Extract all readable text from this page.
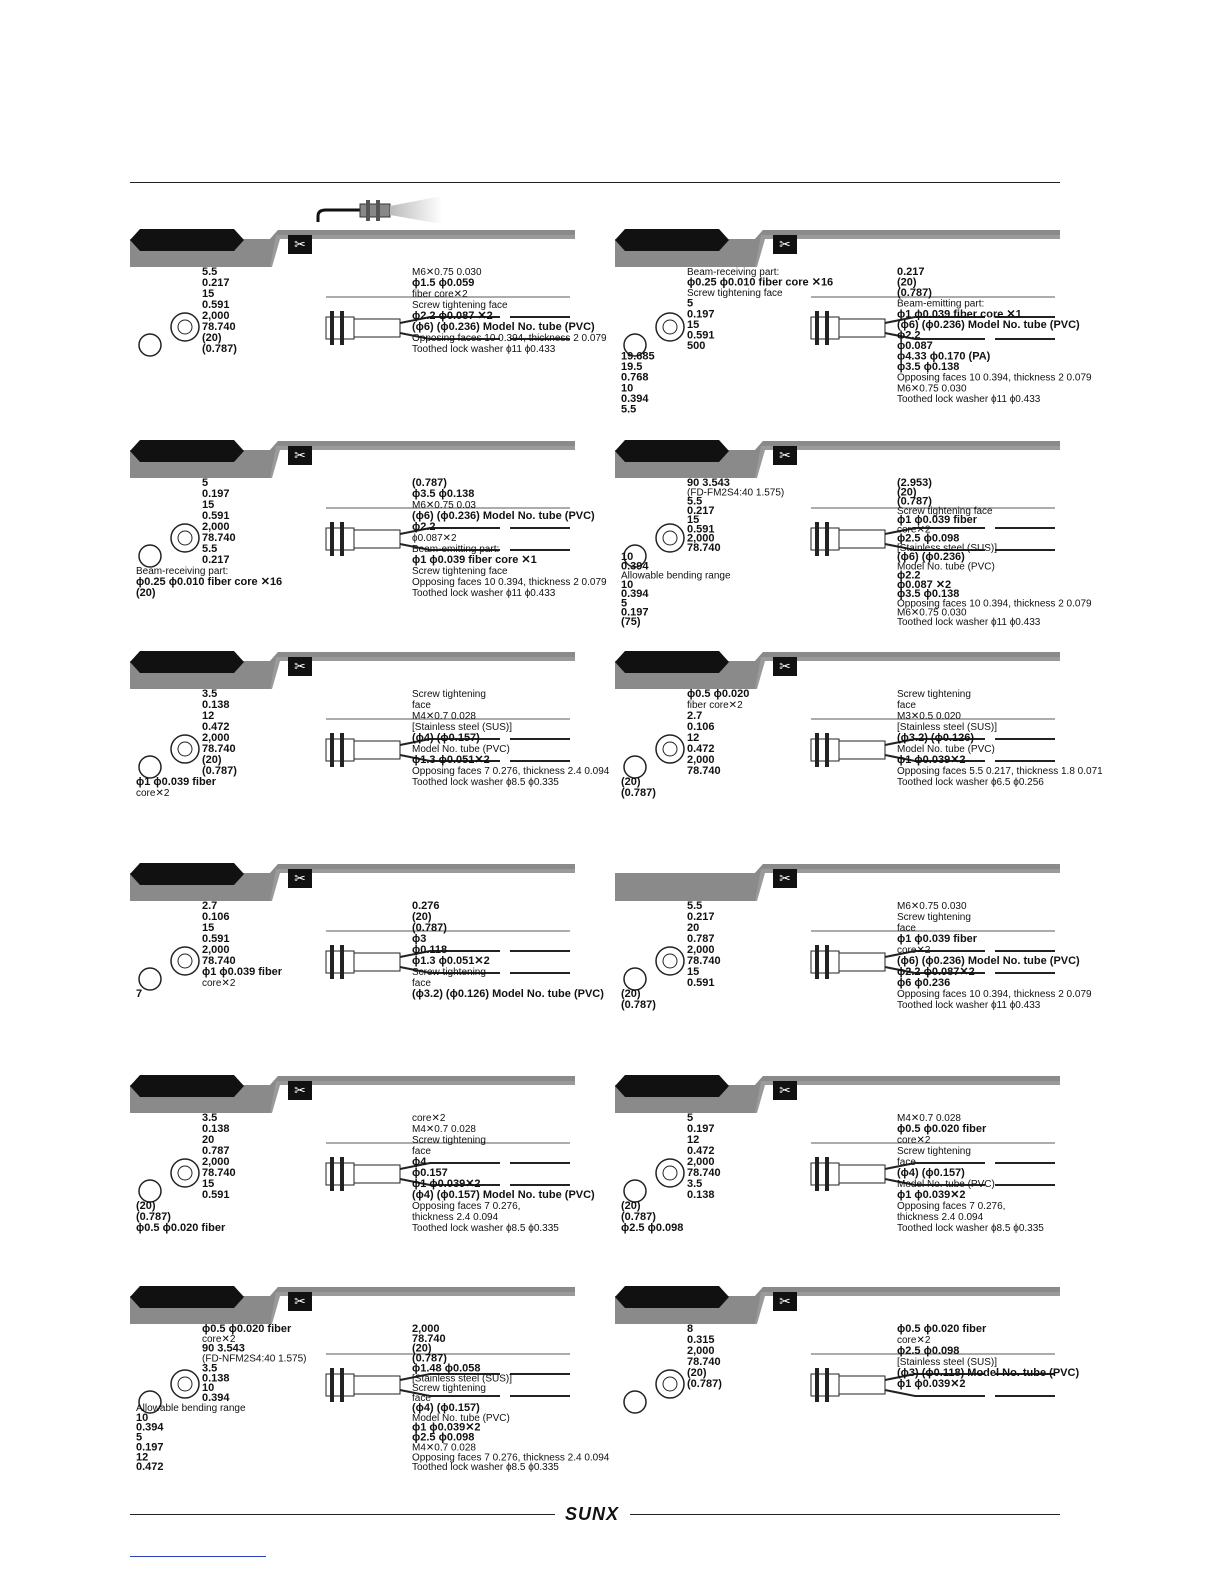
✂
5.5
0.217
15
0.591
2,000
78.740
(20)
(0.787)
M6✕0.75 0.030
ϕ1.5 ϕ0.059
fiber core✕2
Screw tightening face
ϕ2.2 ϕ0.087 ✕2
(ϕ6) (ϕ0.236) Model No. tube (PVC)
Opposing faces 10 0.394, thickness 2 0.079
Toothed lock washer ϕ11 ϕ0.433
✂
Beam-receiving part:
ϕ0.25 ϕ0.010 fiber core ✕16
Screw tightening face
5
0.197
15
0.591
500
19.685
19.5
0.768
10
0.394
5.5
0.217
(20)
(0.787)
Beam-emitting part:
ϕ1 ϕ0.039 fiber core ✕1
(ϕ6) (ϕ0.236) Model No. tube (PVC)
ϕ2.2
ϕ0.087
ϕ4.33 ϕ0.170 (PA)
ϕ3.5 ϕ0.138
Opposing faces 10 0.394, thickness 2 0.079
M6✕0.75 0.030
Toothed lock washer ϕ11 ϕ0.433
✂
5
0.197
15
0.591
2,000
78.740
5.5
0.217
Beam-receiving part:
ϕ0.25 ϕ0.010 fiber core ✕16
(20)
(0.787)
ϕ3.5 ϕ0.138
M6✕0.75 0.03
(ϕ6) (ϕ0.236) Model No. tube (PVC)
ϕ2.2
ϕ0.087✕2
Beam-emitting part:
ϕ1 ϕ0.039 fiber core ✕1
Screw tightening face
Opposing faces 10 0.394, thickness 2 0.079
Toothed lock washer ϕ11 ϕ0.433
✂
90 3.543
(FD-FM2S4:40 1.575)
5.5
0.217
15
0.591
2,000
78.740
10
0.394
Allowable bending range
10
0.394
5
0.197
(75)
(2.953)
(20)
(0.787)
Screw tightening face
ϕ1 ϕ0.039 fiber
core✕2
ϕ2.5 ϕ0.098
[Stainless steel (SUS)]
(ϕ6) (ϕ0.236)
Model No. tube (PVC)
ϕ2.2
ϕ0.087 ✕2
ϕ3.5 ϕ0.138
Opposing faces 10 0.394, thickness 2 0.079
M6✕0.75 0.030
Toothed lock washer ϕ11 ϕ0.433
✂
3.5
0.138
12
0.472
2,000
78.740
(20)
(0.787)
ϕ1 ϕ0.039 fiber
core✕2
Screw tightening
face
M4✕0.7 0.028
[Stainless steel (SUS)]
(ϕ4) (ϕ0.157)
Model No. tube (PVC)
ϕ1.3 ϕ0.051✕2
Opposing faces 7 0.276, thickness 2.4 0.094
Toothed lock washer ϕ8.5 ϕ0.335
✂
ϕ0.5 ϕ0.020
fiber core✕2
2.7
0.106
12
0.472
2,000
78.740
(20)
(0.787)
Screw tightening
face
M3✕0.5 0.020
[Stainless steel (SUS)]
(ϕ3.2) (ϕ0.126)
Model No. tube (PVC)
ϕ1 ϕ0.039✕2
Opposing faces 5.5 0.217, thickness 1.8 0.071
Toothed lock washer ϕ6.5 ϕ0.256
✂
2.7
0.106
15
0.591
2,000
78.740
ϕ1 ϕ0.039 fiber
core✕2
7
0.276
(20)
(0.787)
ϕ3
ϕ0.118
ϕ1.3 ϕ0.051✕2
Screw tightening
face
(ϕ3.2) (ϕ0.126) Model No. tube (PVC)
✂
5.5
0.217
20
0.787
2,000
78.740
15
0.591
(20)
(0.787)
M6✕0.75 0.030
Screw tightening
face
ϕ1 ϕ0.039 fiber
core✕2
(ϕ6) (ϕ0.236) Model No. tube (PVC)
ϕ2.2 ϕ0.087✕2
ϕ6 ϕ0.236
Opposing faces 10 0.394, thickness 2 0.079
Toothed lock washer ϕ11 ϕ0.433
✂
3.5
0.138
20
0.787
2,000
78.740
15
0.591
(20)
(0.787)
ϕ0.5 ϕ0.020 fiber
core✕2
M4✕0.7 0.028
Screw tightening
face
ϕ4
ϕ0.157
ϕ1 ϕ0.039✕2
(ϕ4) (ϕ0.157) Model No. tube (PVC)
Opposing faces 7 0.276,
thickness 2.4 0.094
Toothed lock washer ϕ8.5 ϕ0.335
✂
5
0.197
12
0.472
2,000
78.740
3.5
0.138
(20)
(0.787)
ϕ2.5 ϕ0.098
M4✕0.7 0.028
ϕ0.5 ϕ0.020 fiber
core✕2
Screw tightening
face
(ϕ4) (ϕ0.157)
Model No. tube (PVC)
ϕ1 ϕ0.039✕2
Opposing faces 7 0.276,
thickness 2.4 0.094
Toothed lock washer ϕ8.5 ϕ0.335
✂
ϕ0.5 ϕ0.020 fiber
core✕2
90 3.543
(FD-NFM2S4:40 1.575)
3.5
0.138
10
0.394
Allowable bending range
10
0.394
5
0.197
12
0.472
2,000
78.740
(20)
(0.787)
ϕ1.48 ϕ0.058
[Stainless steel (SUS)]
Screw tightening
face
(ϕ4) (ϕ0.157)
Model No. tube (PVC)
ϕ1 ϕ0.039✕2
ϕ2.5 ϕ0.098
M4✕0.7 0.028
Opposing faces 7 0.276, thickness 2.4 0.094
Toothed lock washer ϕ8.5 ϕ0.335
✂
8
0.315
2,000
78.740
(20)
(0.787)
ϕ0.5 ϕ0.020 fiber
core✕2
ϕ2.5 ϕ0.098
[Stainless steel (SUS)]
(ϕ3) (ϕ0.118) Model No. tube (PVC)
ϕ1 ϕ0.039✕2
SUNX
